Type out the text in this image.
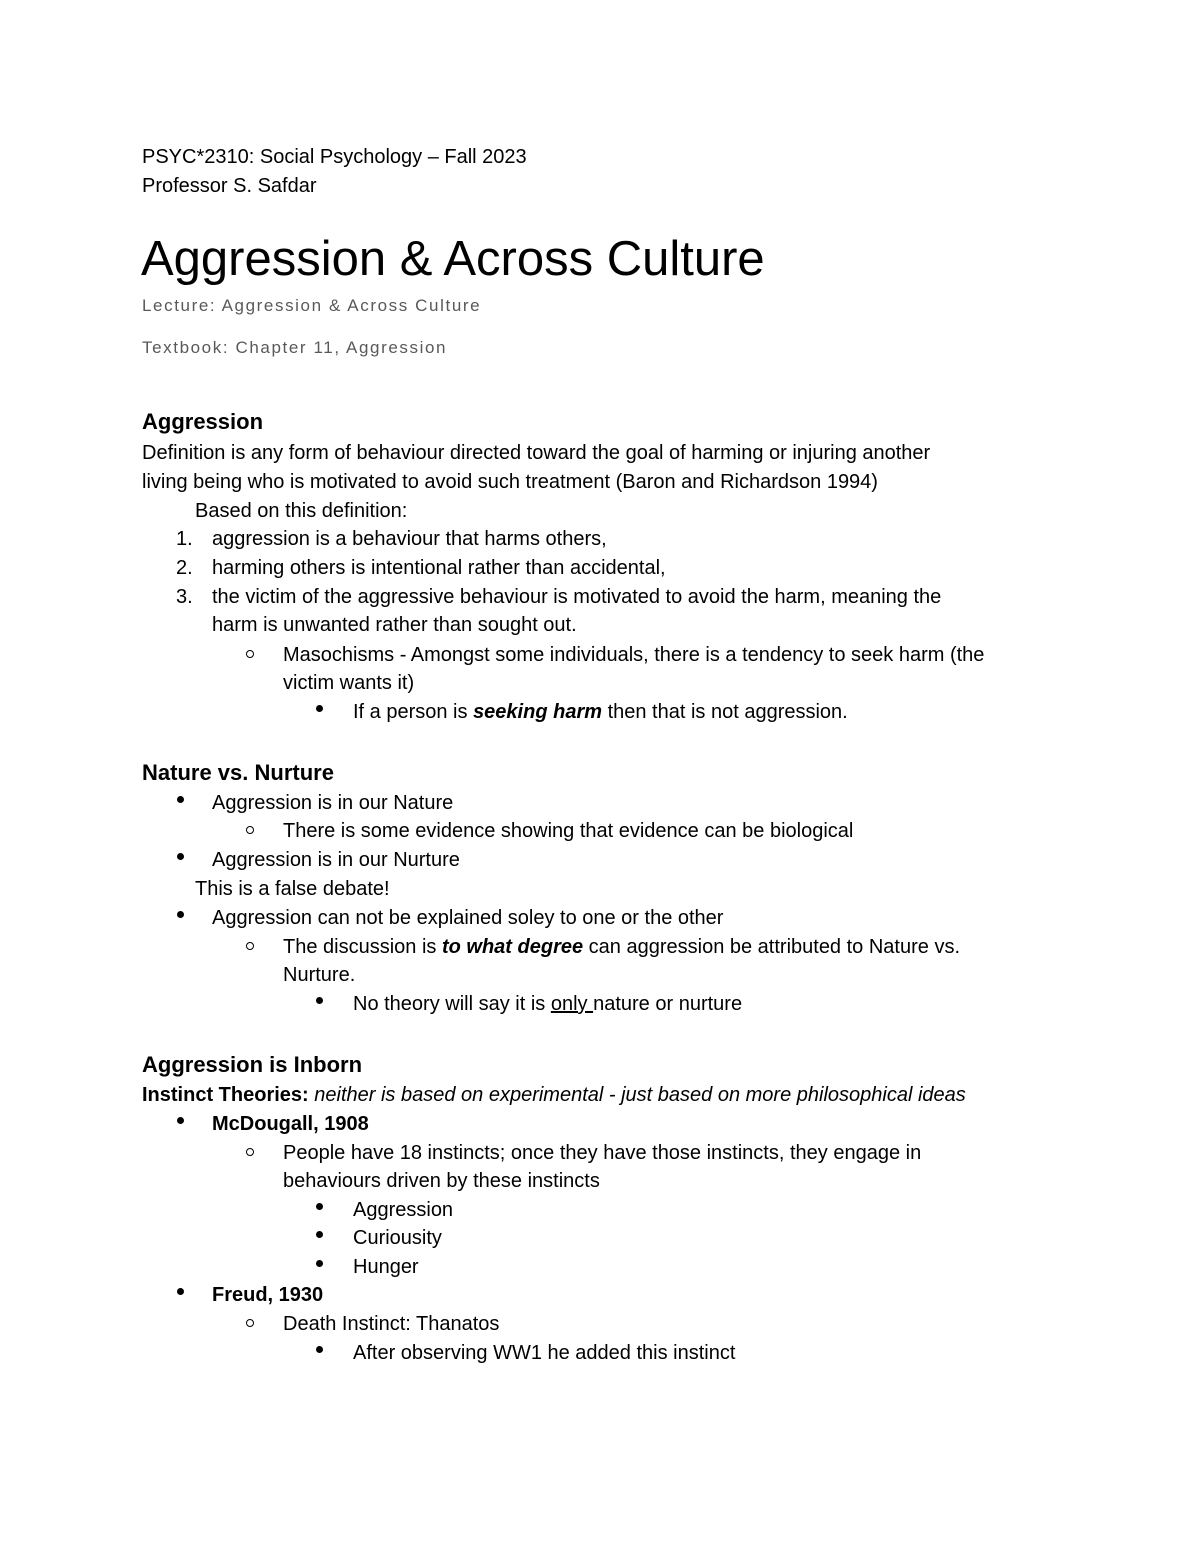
PSYC*2310: Social Psychology – Fall 2023
Professor S. Safdar
Aggression & Across Culture
Lecture: Aggression & Across Culture
Textbook: Chapter 11, Aggression
Aggression
Definition is any form of behaviour directed toward the goal of harming or injuring another
living being who is motivated to avoid such treatment (Baron and Richardson 1994)
Based on this definition:
1. aggression is a behaviour that harms others,
2. harming others is intentional rather than accidental,
3. the victim of the aggressive behaviour is motivated to avoid the harm, meaning the
harm is unwanted rather than sought out.
Masochisms - Amongst some individuals, there is a tendency to seek harm (the
victim wants it)
If a person is seeking harm then that is not aggression.
Nature vs. Nurture
Aggression is in our Nature
There is some evidence showing that evidence can be biological
Aggression is in our Nurture
This is a false debate!
Aggression can not be explained soley to one or the other
The discussion is to what degree can aggression be attributed to Nature vs.
Nurture.
No theory will say it is only nature or nurture
Aggression is Inborn
Instinct Theories: neither is based on experimental - just based on more philosophical ideas
McDougall, 1908
People have 18 instincts; once they have those instincts, they engage in
behaviours driven by these instincts
Aggression
Curiousity
Hunger
Freud, 1930
Death Instinct: Thanatos
After observing WW1 he added this instinct
